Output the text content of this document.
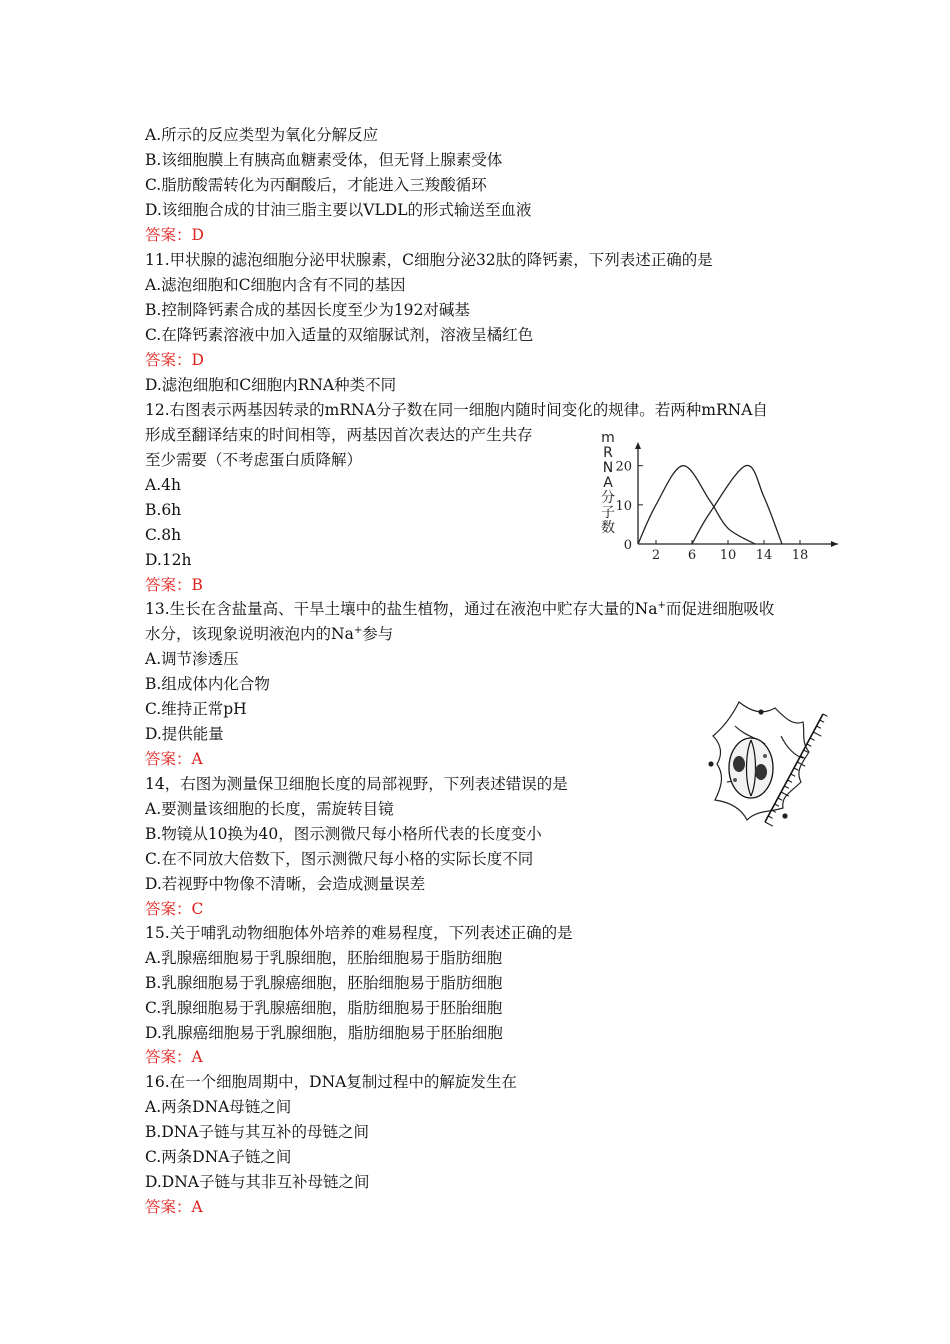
A.所示的反应类型为氧化分解反应
B.该细胞膜上有胰高血糖素受体，但无肾上腺素受体
C.脂肪酸需转化为丙酮酸后，才能进入三羧酸循环
D.该细胞合成的甘油三脂主要以VLDL的形式输送至血液
答案：D
11.甲状腺的滤泡细胞分泌甲状腺素，C细胞分泌32肽的降钙素，下列表述正确的是
A.滤泡细胞和C细胞内含有不同的基因
B.控制降钙素合成的基因长度至少为192对碱基
C.在降钙素溶液中加入适量的双缩脲试剂，溶液呈橘红色
答案：D
D.滤泡细胞和C细胞内RNA种类不同
12.右图表示两基因转录的mRNA分子数在同一细胞内随时间变化的规律。若两种mRNA自
形成至翻译结束的时间相等，两基因首次表达的产生共存
至少需要（不考虑蛋白质降解）
A.4h
B.6h
C.8h
D.12h
答案：B
0
10
20
2 6 10 14 18
m
R
N
A
分
子
数
13.生长在含盐量高、干旱土壤中的盐生植物，通过在液泡中贮存大量的Na+而促进细胞吸收
水分，该现象说明液泡内的Na+参与
A.调节渗透压
B.组成体内化合物
C.维持正常pH
D.提供能量
答案：A
14，右图为测量保卫细胞长度的局部视野，下列表述错误的是
A.要测量该细胞的长度，需旋转目镜
B.物镜从10换为40，图示测微尺每小格所代表的长度变小
C.在不同放大倍数下，图示测微尺每小格的实际长度不同
D.若视野中物像不清晰，会造成测量误差
答案：C
15.关于哺乳动物细胞体外培养的难易程度，下列表述正确的是
A.乳腺癌细胞易于乳腺细胞，胚胎细胞易于脂肪细胞
B.乳腺细胞易于乳腺癌细胞，胚胎细胞易于脂肪细胞
C.乳腺细胞易于乳腺癌细胞，脂肪细胞易于胚胎细胞
D.乳腺癌细胞易于乳腺细胞，脂肪细胞易于胚胎细胞
答案：A
16.在一个细胞周期中，DNA复制过程中的解旋发生在
A.两条DNA母链之间
B.DNA子链与其互补的母链之间
C.两条DNA子链之间
D.DNA子链与其非互补母链之间
答案：A
